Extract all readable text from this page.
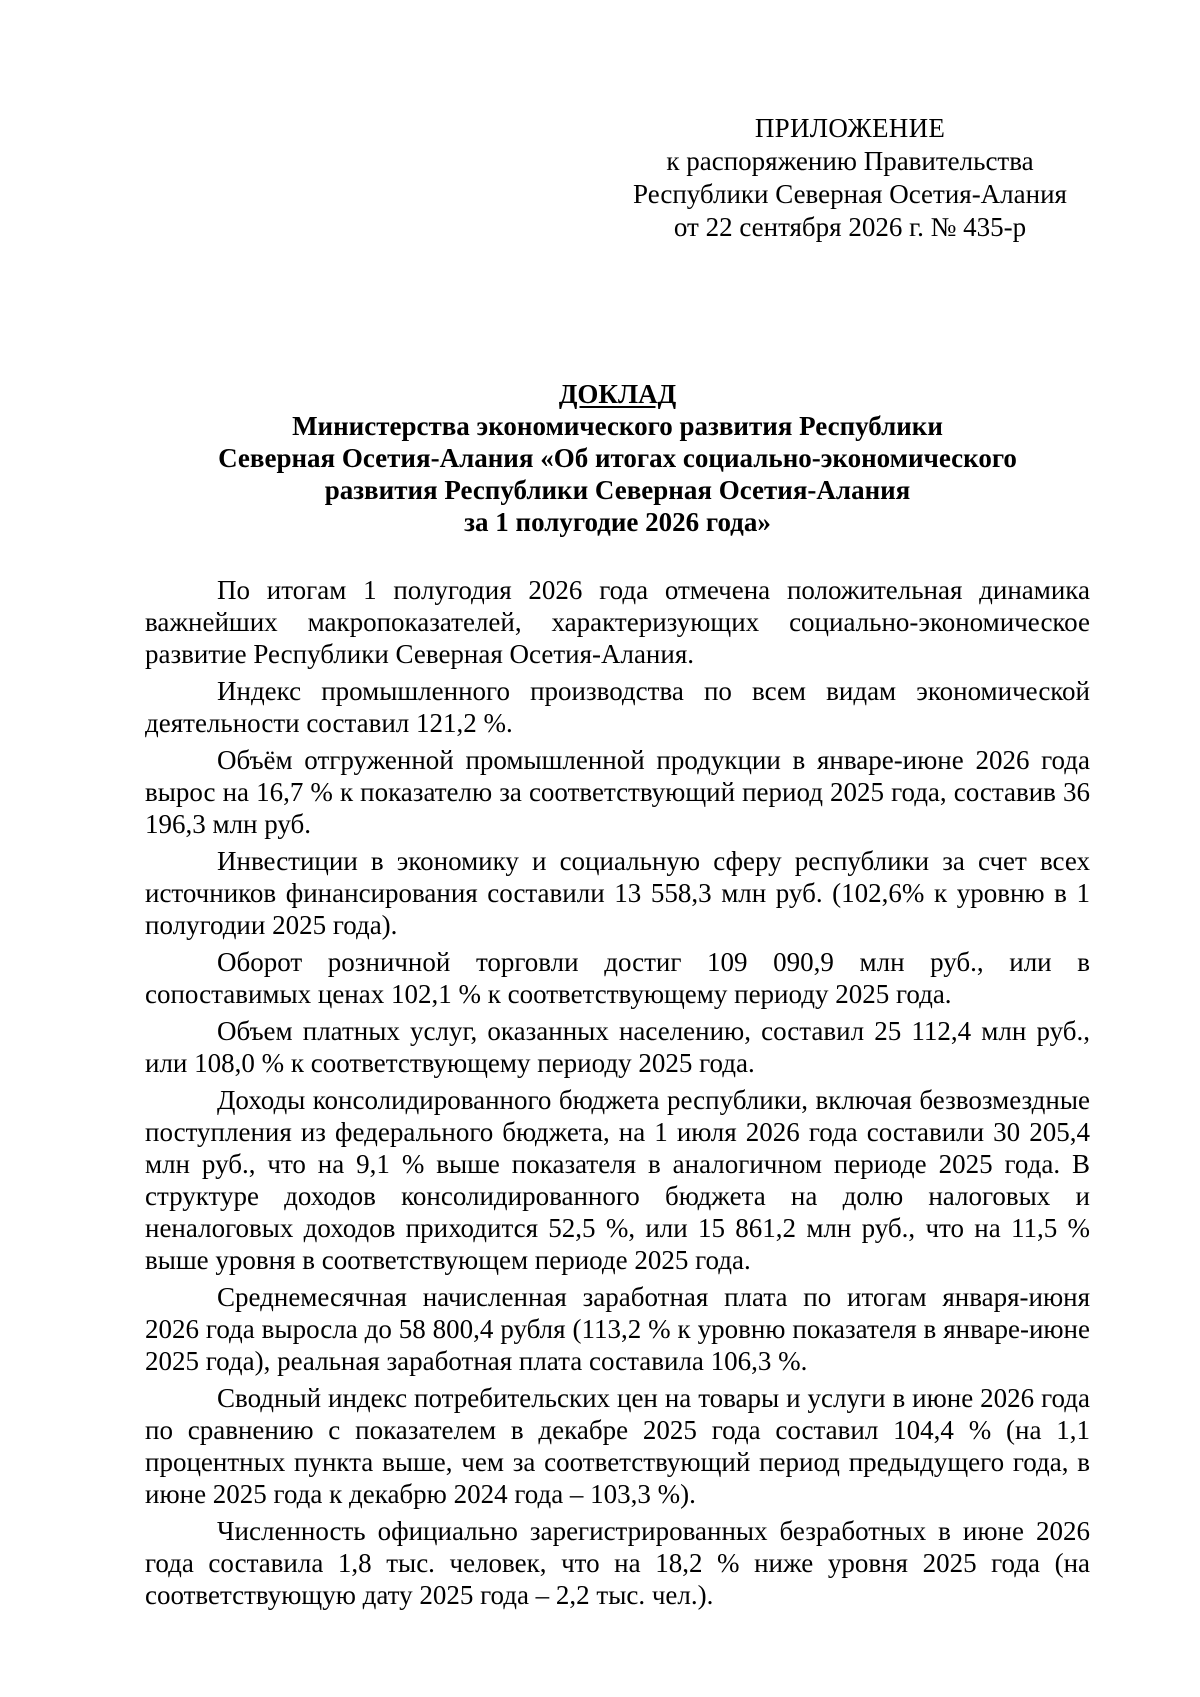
ПРИЛОЖЕНИЕ
к распоряжению Правительства
Республики Северная Осетия-Алания
от 22 сентября 2026 г. № 435-р
ДОКЛАД
Министерства экономического развития Республики
Северная Осетия-Алания «Об итогах социально-экономического
развития Республики Северная Осетия-Алания
за 1 полугодие 2026 года»

По итогам 1 полугодия 2026 года отмечена положительная динамика важнейших макропоказателей, характеризующих социально-экономическое развитие Республики Северная Осетия-Алания.

Индекс промышленного производства по всем видам экономической деятельности составил 121,2 %.

Объём отгруженной промышленной продукции в январе-июне 2026 года вырос на 16,7 % к показателю за соответствующий период 2025 года, составив 36 196,3 млн руб.

Инвестиции в экономику и социальную сферу республики за счет всех источников финансирования составили 13 558,3 млн руб. (102,6% к уровню в 1 полугодии 2025 года).

Оборот розничной торговли достиг 109 090,9 млн руб., или в сопоставимых ценах 102,1 % к соответствующему периоду 2025 года.

Объем платных услуг, оказанных населению, составил 25 112,4 млн руб., или 108,0 % к соответствующему периоду 2025 года.

Доходы консолидированного бюджета республики, включая безвозмездные поступления из федерального бюджета, на 1 июля 2026 года составили 30 205,4 млн руб., что на 9,1 % выше показателя в аналогичном периоде 2025 года. В структуре доходов консолидированного бюджета на долю налоговых и неналоговых доходов приходится 52,5 %, или 15 861,2 млн руб., что на 11,5 % выше уровня в соответствующем периоде 2025 года.

Среднемесячная начисленная заработная плата по итогам января-июня 2026 года выросла до 58 800,4 рубля (113,2 % к уровню показателя в январе-июне 2025 года), реальная заработная плата составила 106,3 %.

Сводный индекс потребительских цен на товары и услуги в июне 2026 года по сравнению с показателем в декабре 2025 года составил 104,4 % (на 1,1 процентных пункта выше, чем за соответствующий период предыдущего года, в июне 2025 года к декабрю 2024 года – 103,3 %).

Численность официально зарегистрированных безработных в июне 2026 года составила 1,8 тыс. человек, что на 18,2 % ниже уровня 2025 года (на соответствующую дату 2025 года – 2,2 тыс. чел.).
